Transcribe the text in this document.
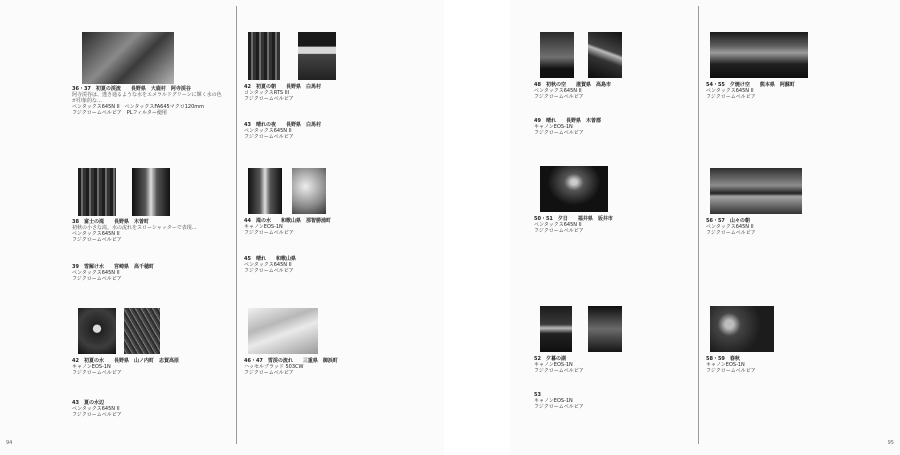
36・37　初夏の渓流　　長野県　大鹿村　阿寺渓谷
阿寺渓谷は、透き通るような水をエメラルドグリーンに輝く水の色が印象的な…
ペンタックス645N II　ペンタックスFA645マクロ120mm
フジクロームベルビア　PLフィルター使用
38　富士の滝　　長野県　木曽町
初秋の小さな滝。水の流れをスローシャッターで表現…
ペンタックス645N II
フジクロームベルビア
39　雪解け水　　宮崎県　高千穂町
ペンタックス645N II
フジクロームベルビア
42　初夏の水　　長野県　山ノ内町　志賀高原
キャノンEOS-1N
フジクロームベルビア
43　夏の水辺
ペンタックス645N II
フジクロームベルビア
42　初夏の朝　　長野県　白馬村
コンタックスRTS III
フジクロームベルビア
43　晴れの夜　　長野県　白馬村
ペンタックス645N II
フジクロームベルビア
44　滝の水　　和歌山県　那智勝浦町
キャノンEOS-1N
フジクロームベルビア
45　晴れ　　和歌山県
ペンタックス645N II
フジクロームベルビア
46・47　雪渓の流れ　　三重県　御浜町
ハッセルブラッド 503CW
フジクロームベルビア
94
48　初秋の空　　滋賀県　高島市
ペンタックス645N II
フジクロームベルビア
49　晴れ　　長野県　木曽郡
キャノンEOS-1N
フジクロームベルビア
50・51　夕日　　福井県　坂井市
ペンタックス645N II
フジクロームベルビア
52　夕暮の湖
キャノンEOS-1N
フジクロームベルビア
53
キャノンEOS-1N
フジクロームベルビア
54・55　夕焼け空　　熊本県　阿蘇町
ペンタックス645N II
フジクロームベルビア
56・57　山々の朝
ペンタックス645N II
フジクロームベルビア
58・59　春秋
キャノンEOS-1N
フジクロームベルビア
95
